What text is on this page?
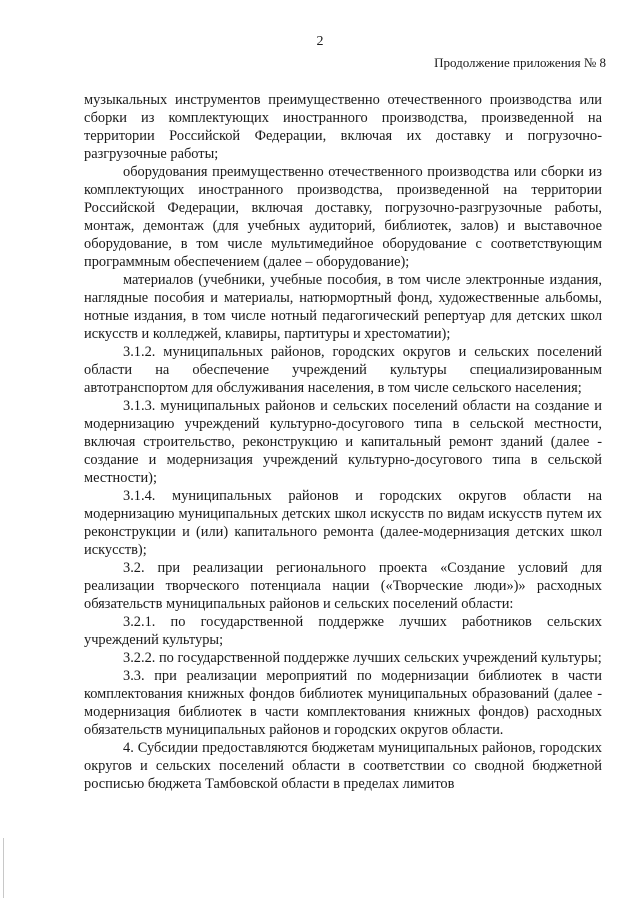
2
Продолжение приложения № 8

музыкальных инструментов преимущественно отечественного производства или сборки из комплектующих иностранного производства, произведенной на территории Российской Федерации, включая их доставку и погрузочно-разгрузочные работы;

оборудования преимущественно отечественного производства или сборки из комплектующих иностранного производства, произведенной на территории Российской Федерации, включая доставку, погрузочно-разгрузочные работы, монтаж, демонтаж (для учебных аудиторий, библиотек, залов) и выставочное оборудование, в том числе мультимедийное оборудование с соответствующим программным обеспечением (далее – оборудование);

материалов (учебники, учебные пособия, в том числе электронные издания, наглядные пособия и материалы, натюрмортный фонд, художественные альбомы, нотные издания, в том числе нотный педагогический репертуар для детских школ искусств и колледжей, клавиры, партитуры и хрестоматии);

3.1.2. муниципальных районов, городских округов и сельских поселений области на обеспечение учреждений культуры специализированным автотранспортом для обслуживания населения, в том числе сельского населения;

3.1.3. муниципальных районов и сельских поселений области на создание и модернизацию учреждений культурно-досугового типа в сельской местности, включая строительство, реконструкцию и капитальный ремонт зданий (далее - создание и модернизация учреждений культурно-досугового типа в сельской местности);

3.1.4. муниципальных районов и городских округов области на модернизацию муниципальных детских школ искусств по видам искусств путем их реконструкции и (или) капитального ремонта (далее-модернизация детских школ искусств);

3.2. при реализации регионального проекта «Создание условий для реализации творческого потенциала нации («Творческие люди»)» расходных обязательств муниципальных районов и сельских поселений области:

3.2.1. по государственной поддержке лучших работников сельских учреждений культуры;

3.2.2. по государственной поддержке лучших сельских учреждений культуры;

3.3. при реализации мероприятий по модернизации библиотек в части комплектования книжных фондов библиотек муниципальных образований (далее - модернизация библиотек в части комплектования книжных фондов) расходных обязательств муниципальных районов и городских округов области.

4. Субсидии предоставляются бюджетам муниципальных районов, городских округов и сельских поселений области в соответствии со сводной бюджетной росписью бюджета Тамбовской области в пределах лимитов
